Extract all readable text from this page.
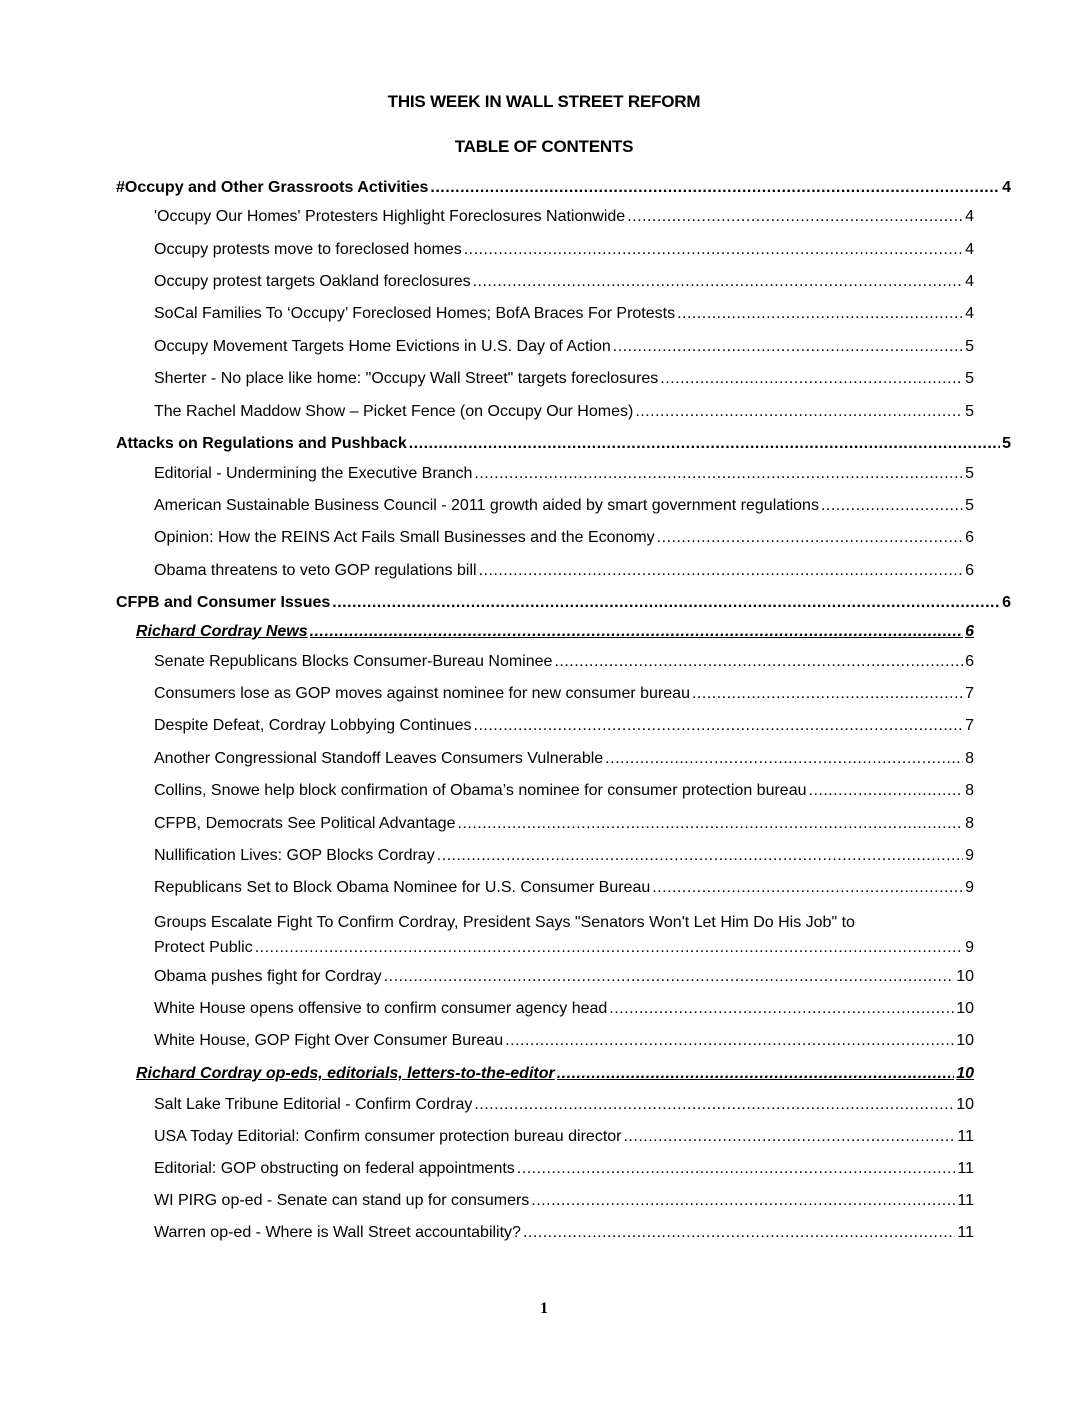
THIS WEEK IN WALL STREET REFORM
TABLE OF CONTENTS
#Occupy and Other Grassroots Activities .....	4
'Occupy Our Homes' Protesters Highlight Foreclosures Nationwide .....	4
Occupy protests move to foreclosed homes .....	4
Occupy protest targets Oakland foreclosures .....	4
SoCal Families To ‘Occupy’ Foreclosed Homes; BofA Braces For Protests .....	4
Occupy Movement Targets Home Evictions in U.S. Day of Action .....	5
Sherter - No place like home: "Occupy Wall Street" targets foreclosures .....	5
The Rachel Maddow Show – Picket Fence (on Occupy Our Homes) .....	5
Attacks on Regulations and Pushback .....	5
Editorial - Undermining the Executive Branch .....	5
American Sustainable Business Council - 2011 growth aided by smart government regulations .....	5
Opinion: How the REINS Act Fails Small Businesses and the Economy .....	6
Obama threatens to veto GOP regulations bill .....	6
CFPB and Consumer Issues .....	6
Richard Cordray News .....	6
Senate Republicans Blocks Consumer-Bureau Nominee .....	6
Consumers lose as GOP moves against nominee for new consumer bureau .....	7
Despite Defeat, Cordray Lobbying Continues .....	7
Another Congressional Standoff Leaves Consumers Vulnerable .....	8
Collins, Snowe help block confirmation of Obama’s nominee for consumer protection bureau .....	8
CFPB, Democrats See Political Advantage .....	8
Nullification Lives: GOP Blocks Cordray .....	9
Republicans Set to Block Obama Nominee for U.S. Consumer Bureau .....	9
Groups Escalate Fight To Confirm Cordray, President Says "Senators Won't Let Him Do His Job" to
Protect Public .....	9
Obama pushes fight for Cordray .....	10
White House opens offensive to confirm consumer agency head .....	10
White House, GOP Fight Over Consumer Bureau .....	10
Richard Cordray op-eds, editorials, letters-to-the-editor .....	10
Salt Lake Tribune Editorial - Confirm Cordray .....	10
USA Today Editorial: Confirm consumer protection bureau director .....	11
Editorial: GOP obstructing on federal appointments .....	11
WI PIRG op-ed - Senate can stand up for consumers .....	11
Warren op-ed - Where is Wall Street accountability? .....	11
1
